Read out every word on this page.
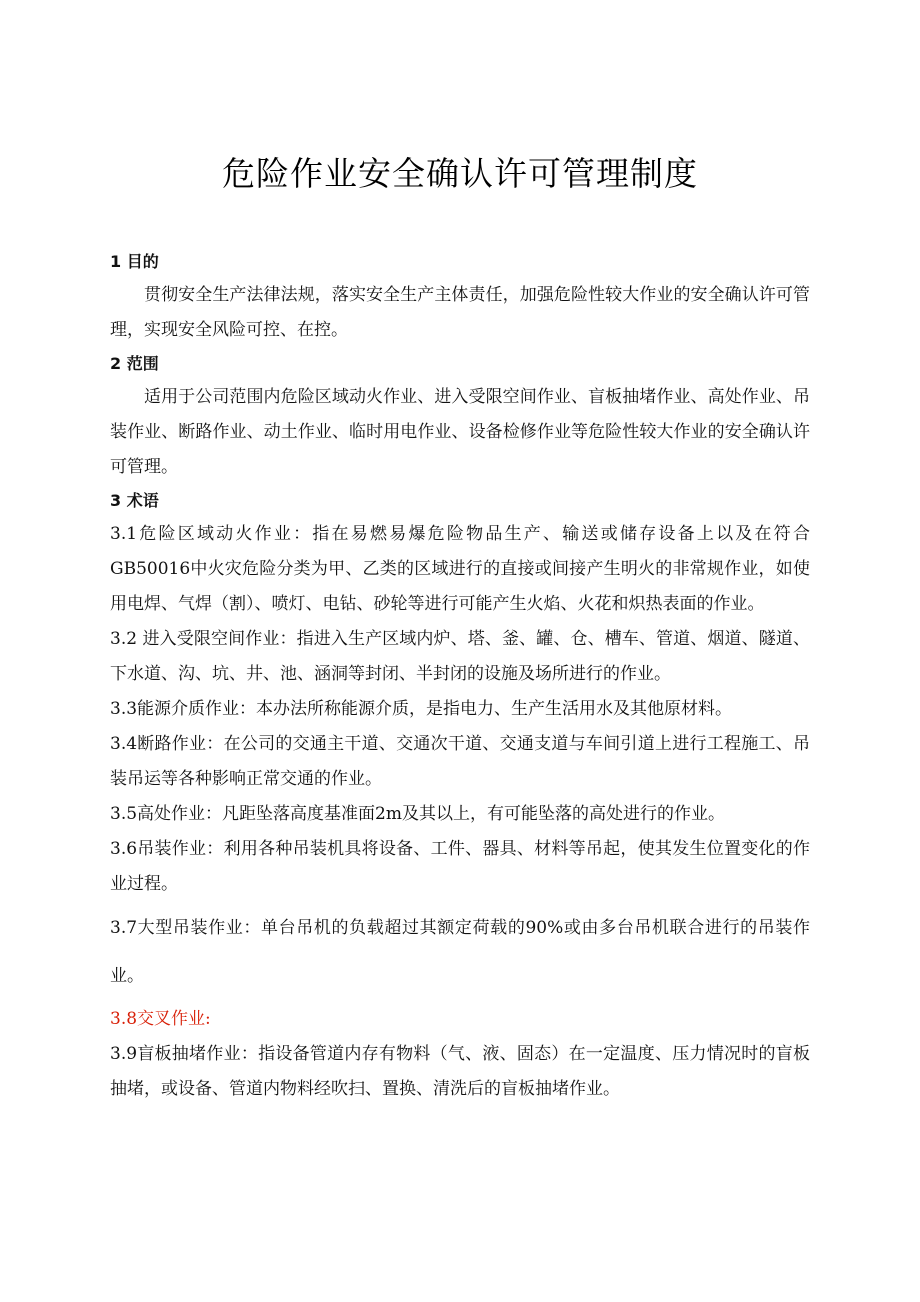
危险作业安全确认许可管理制度

1 目的

贯彻安全生产法律法规，落实安全生产主体责任，加强危险性较大作业的安全确认许可管理，实现安全风险可控、在控。

2 范围

适用于公司范围内危险区域动火作业、进入受限空间作业、盲板抽堵作业、高处作业、吊装作业、断路作业、动土作业、临时用电作业、设备检修作业等危险性较大作业的安全确认许可管理。

3 术语

3.1危险区域动火作业：指在易燃易爆危险物品生产、输送或储存设备上以及在符合GB50016中火灾危险分类为甲、乙类的区域进行的直接或间接产生明火的非常规作业，如使用电焊、气焊（割）、喷灯、电钻、砂轮等进行可能产生火焰、火花和炽热表面的作业。

3.2 进入受限空间作业：指进入生产区域内炉、塔、釜、罐、仓、槽车、管道、烟道、隧道、下水道、沟、坑、井、池、涵洞等封闭、半封闭的设施及场所进行的作业。

3.3能源介质作业：本办法所称能源介质，是指电力、生产生活用水及其他原材料。

3.4断路作业：在公司的交通主干道、交通次干道、交通支道与车间引道上进行工程施工、吊装吊运等各种影响正常交通的作业。

3.5高处作业：凡距坠落高度基准面2m及其以上，有可能坠落的高处进行的作业。

3.6吊装作业：利用各种吊装机具将设备、工件、器具、材料等吊起，使其发生位置变化的作业过程。

3.7大型吊装作业：单台吊机的负载超过其额定荷载的90%或由多台吊机联合进行的吊装作业。

3.8交叉作业:

3.9盲板抽堵作业：指设备管道内存有物料（气、液、固态）在一定温度、压力情况时的盲板抽堵，或设备、管道内物料经吹扫、置换、清洗后的盲板抽堵作业。
